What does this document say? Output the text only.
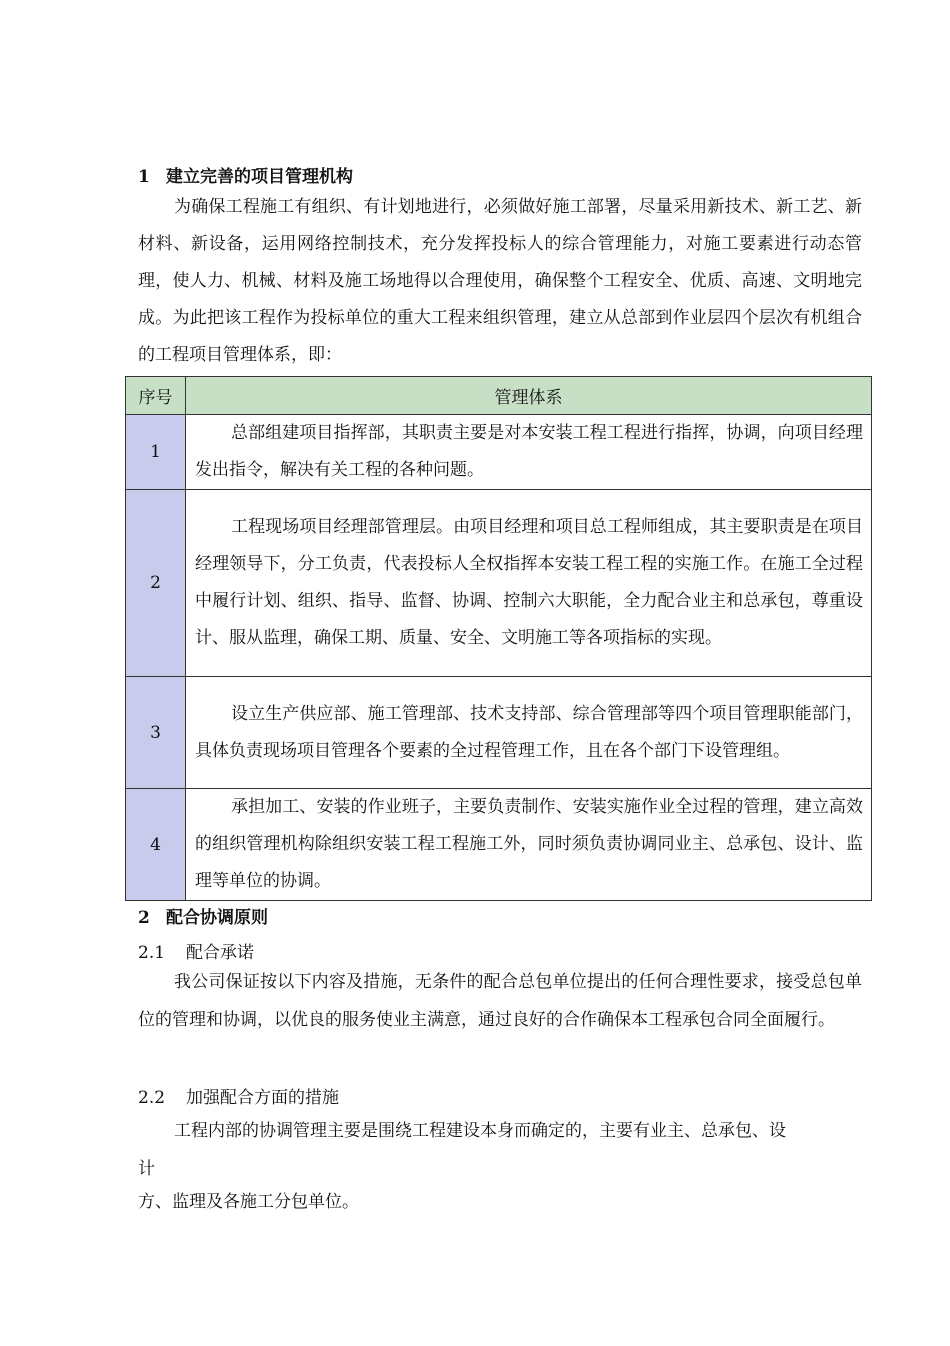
1 建立完善的项目管理机构

为确保工程施工有组织、有计划地进行，必须做好施工部署，尽量采用新技术、新工艺、新材料、新设备，运用网络控制技术，充分发挥投标人的综合管理能力，对施工要素进行动态管理，使人力、机械、材料及施工场地得以合理使用，确保整个工程安全、优质、高速、文明地完成。为此把该工程作为投标单位的重大工程来组织管理，建立从总部到作业层四个层次有机组合的工程项目管理体系，即：

序号	管理体系
1	总部组建项目指挥部，其职责主要是对本安装工程工程进行指挥，协调，向项目经理发出指令，解决有关工程的各种问题。
2	工程现场项目经理部管理层。由项目经理和项目总工程师组成，其主要职责是在项目经理领导下，分工负责，代表投标人全权指挥本安装工程工程的实施工作。在施工全过程中履行计划、组织、指导、监督、协调、控制六大职能，全力配合业主和总承包，尊重设计、服从监理，确保工期、质量、安全、文明施工等各项指标的实现。
3	设立生产供应部、施工管理部、技术支持部、综合管理部等四个项目管理职能部门，具体负责现场项目管理各个要素的全过程管理工作，且在各个部门下设管理组。
4	承担加工、安装的作业班子，主要负责制作、安装实施作业全过程的管理，建立高效的组织管理机构除组织安装工程工程施工外，同时须负责协调同业主、总承包、设计、监理等单位的协调。
2 配合协调原则
2.1 配合承诺

我公司保证按以下内容及措施，无条件的配合总包单位提出的任何合理性要求，接受总包单位的管理和协调，以优良的服务使业主满意，通过良好的合作确保本工程承包合同全面履行。

2.2 加强配合方面的措施
工程内部的协调管理主要是围绕工程建设本身而确定的，主要有业主、总承包、设
计
方、监理及各施工分包单位。
